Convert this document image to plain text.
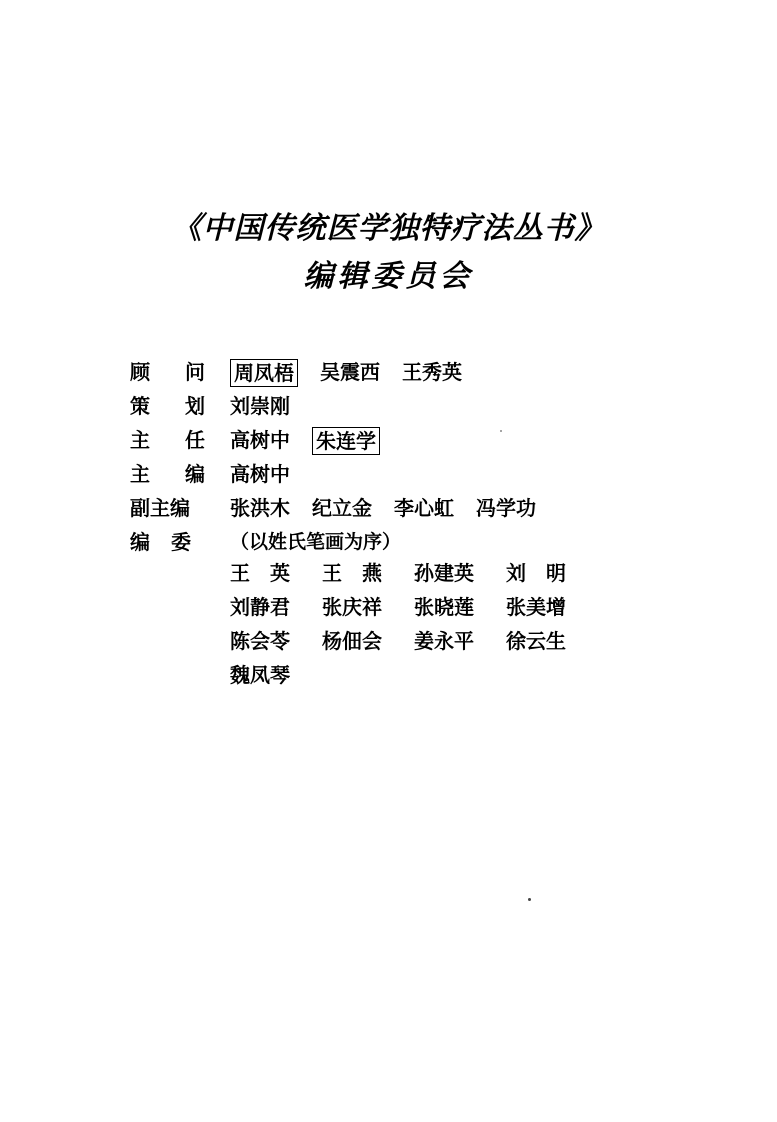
《中国传统医学独特疗法丛书》
编辑委员会
顾 问 周凤梧 吴震西 王秀英
策 划 刘崇刚
主 任 高树中 朱连学
主 编 高树中
副主编	张洪木 纪立金 李心虹 冯学功
编 委	（以姓氏笔画为序）
王　英	王　燕	孙建英	刘　明
刘静君	张庆祥	张晓莲	张美增
陈会苓	杨佃会	姜永平	徐云生
魏凤琴
